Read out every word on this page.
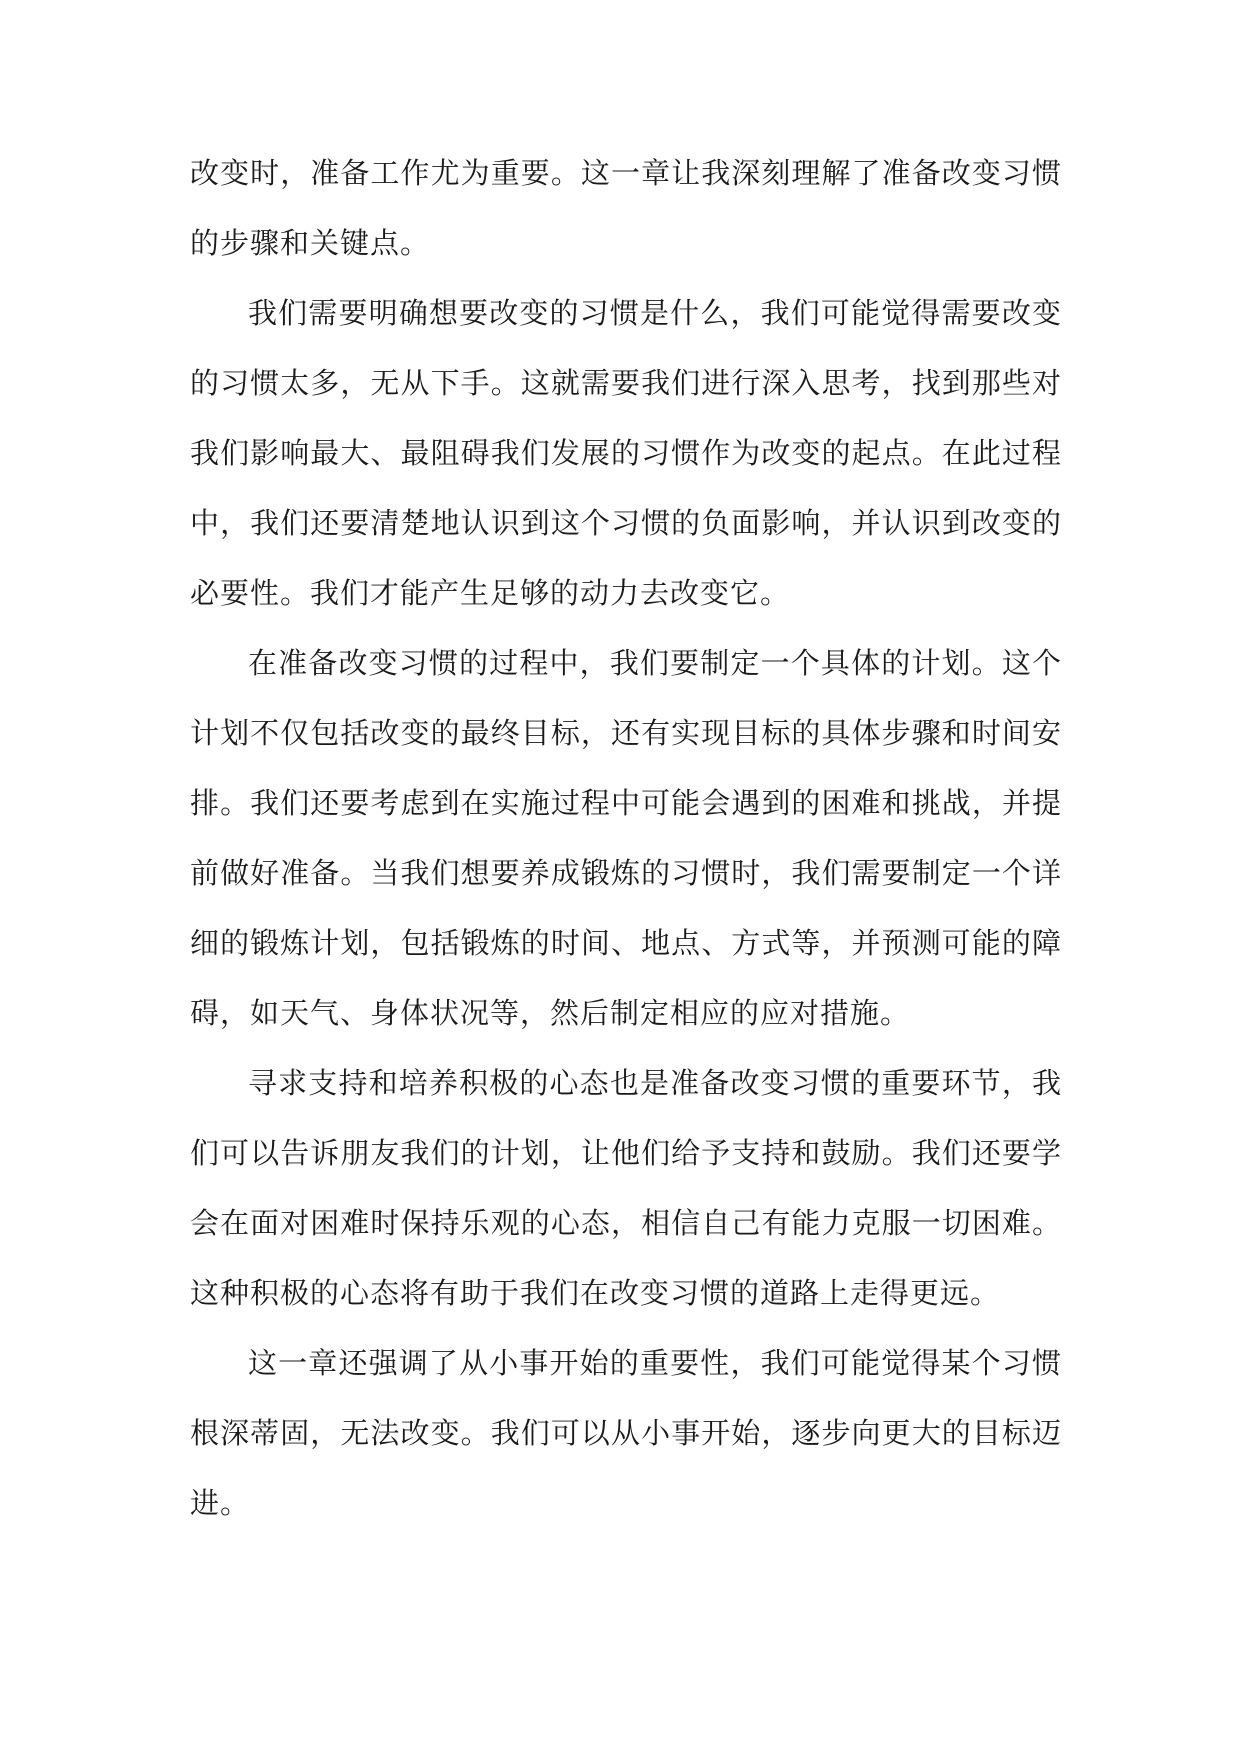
改变时，准备工作尤为重要。这一章让我深刻理解了准备改变习惯的步骤和关键点。

我们需要明确想要改变的习惯是什么，我们可能觉得需要改变的习惯太多，无从下手。这就需要我们进行深入思考，找到那些对我们影响最大、最阻碍我们发展的习惯作为改变的起点。在此过程中，我们还要清楚地认识到这个习惯的负面影响，并认识到改变的必要性。我们才能产生足够的动力去改变它。

在准备改变习惯的过程中，我们要制定一个具体的计划。这个计划不仅包括改变的最终目标，还有实现目标的具体步骤和时间安排。我们还要考虑到在实施过程中可能会遇到的困难和挑战，并提前做好准备。当我们想要养成锻炼的习惯时，我们需要制定一个详细的锻炼计划，包括锻炼的时间、地点、方式等，并预测可能的障碍，如天气、身体状况等，然后制定相应的应对措施。

寻求支持和培养积极的心态也是准备改变习惯的重要环节，我们可以告诉朋友我们的计划，让他们给予支持和鼓励。我们还要学会在面对困难时保持乐观的心态，相信自己有能力克服一切困难。这种积极的心态将有助于我们在改变习惯的道路上走得更远。

这一章还强调了从小事开始的重要性，我们可能觉得某个习惯根深蒂固，无法改变。我们可以从小事开始，逐步向更大的目标迈进。
